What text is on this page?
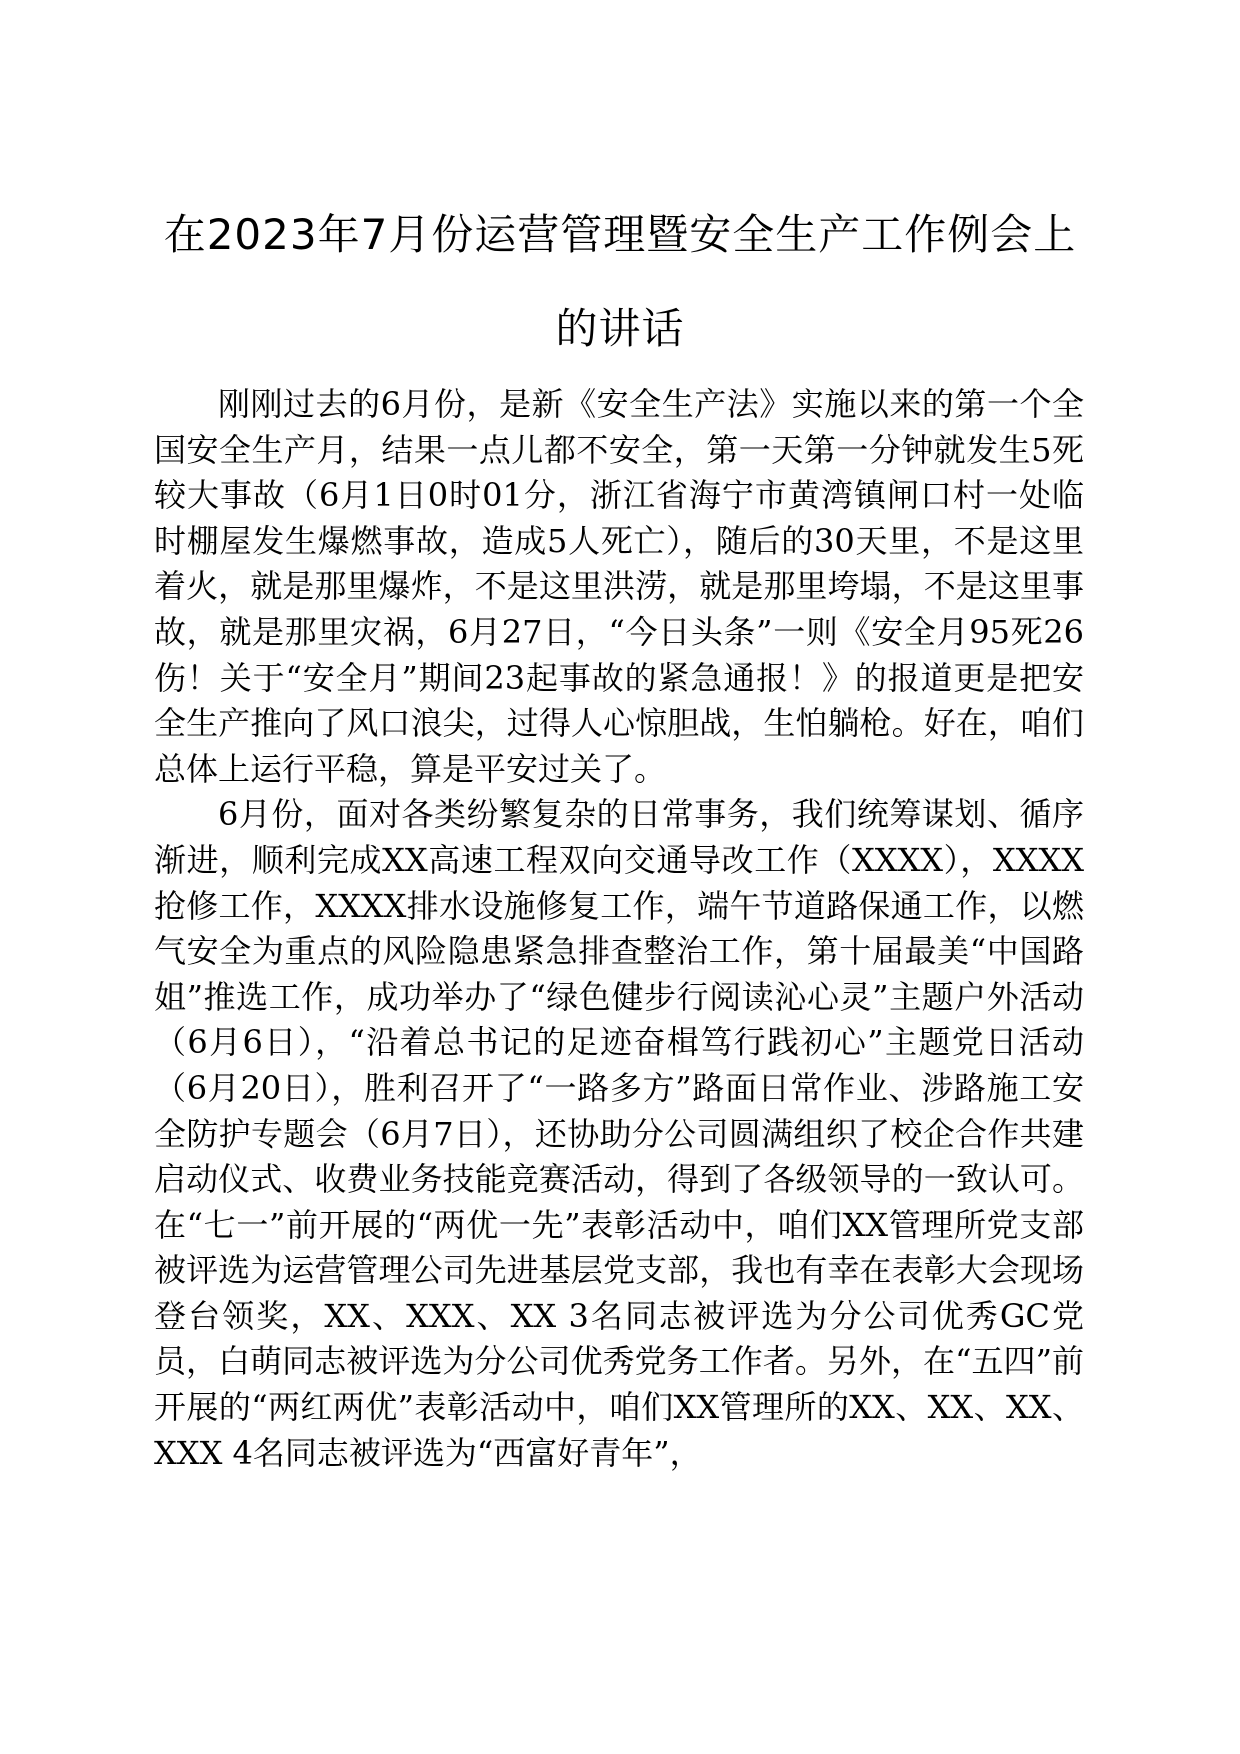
在2023年7月份运营管理暨安全生产工作例会上的讲话

刚刚过去的6月份，是新《安全生产法》实施以来的第一个全国安全生产月，结果一点儿都不安全，第一天第一分钟就发生5死较大事故（6月1日0时01分，浙江省海宁市黄湾镇闸口村一处临时棚屋发生爆燃事故，造成5人死亡），随后的30天里，不是这里着火，就是那里爆炸，不是这里洪涝，就是那里垮塌，不是这里事故，就是那里灾祸，6月27日，“今日头条”一则《安全月95死26伤！关于“安全月”期间23起事故的紧急通报！》的报道更是把安全生产推向了风口浪尖，过得人心惊胆战，生怕躺枪。好在，咱们总体上运行平稳，算是平安过关了。

6月份，面对各类纷繁复杂的日常事务，我们统筹谋划、循序渐进，顺利完成XX高速工程双向交通导改工作（XXXX），XXXX抢修工作，XXXX排水设施修复工作，端午节道路保通工作，以燃气安全为重点的风险隐患紧急排查整治工作，第十届最美“中国路姐”推选工作，成功举办了“绿色健步行阅读沁心灵”主题户外活动（6月6日），“沿着总书记的足迹奋楫笃行践初心”主题党日活动（6月20日），胜利召开了“一路多方”路面日常作业、涉路施工安全防护专题会（6月7日），还协助分公司圆满组织了校企合作共建启动仪式、收费业务技能竞赛活动，得到了各级领导的一致认可。在“七一”前开展的“两优一先”表彰活动中，咱们XX管理所党支部被评选为运营管理公司先进基层党支部，我也有幸在表彰大会现场登台领奖，XX、XXX、XX 3名同志被评选为分公司优秀GC党员，白萌同志被评选为分公司优秀党务工作者。另外，在“五四”前开展的“两红两优”表彰活动中，咱们XX管理所的XX、XX、XX、XXX 4名同志被评选为“西富好青年”，
